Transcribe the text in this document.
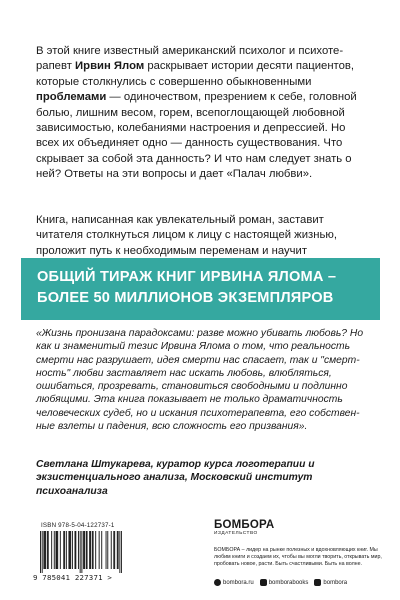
В этой книге известный американский психолог и психотерапевт Ирвин Ялом раскрывает истории десяти пациентов, которые столкнулись с совершенно обыкновенными проблемами — одиночеством, презрением к себе, головной болью, лишним весом, горем, всепоглощающей любовной зависимостью, колебаниями настроения и депрессией. Но всех их объединяет одно — данность существования. Что скрывает за собой эта данность? И что нам следует знать о ней? Ответы на эти вопросы и дает «Палач любви».

Книга, написанная как увлекательный роман, заставит читателя столкнуться лицом к лицу с настоящей жизнью, проложит путь к необходимым переменам и научит

ОБЩИЙ ТИРАЖ КНИГ ИРВИНА ЯЛОМА – БОЛЕЕ 50 МИЛЛИОНОВ ЭКЗЕМПЛЯРОВ

«Жизнь пронизана парадоксами: разве можно убивать любовь? Но как и знаменитый тезис Ирвина Ялома о том, что реальность смерти нас разрушает, идея смерти нас спасает, так и "смертность" любви заставляет нас искать любовь, влюбляться, ошибаться, прозревать, становиться свободными и подлинно любящими. Эта книга показывает не только драматичность человеческих судеб, но и искания психотерапевта, его собственные взлеты и падения, всю сложность его призвания».

Светлана Штукарева, куратор курса логотерапии и экзистенциального анализа, Московский институт психоанализа

ISBN 978-5-04-122737-1
9 785041 227371 >
БОМБОРА
ИЗДАТЕЛЬСТВО
БОМБОРА – лидер на рынке полезных и вдохновляющих книг. Мы любим книги и создаем их, чтобы вы могли творить, открывать мир, пробовать новое, расти. Быть счастливыми. Быть на волне.
bombora.ru	bomborabooks	bombora
